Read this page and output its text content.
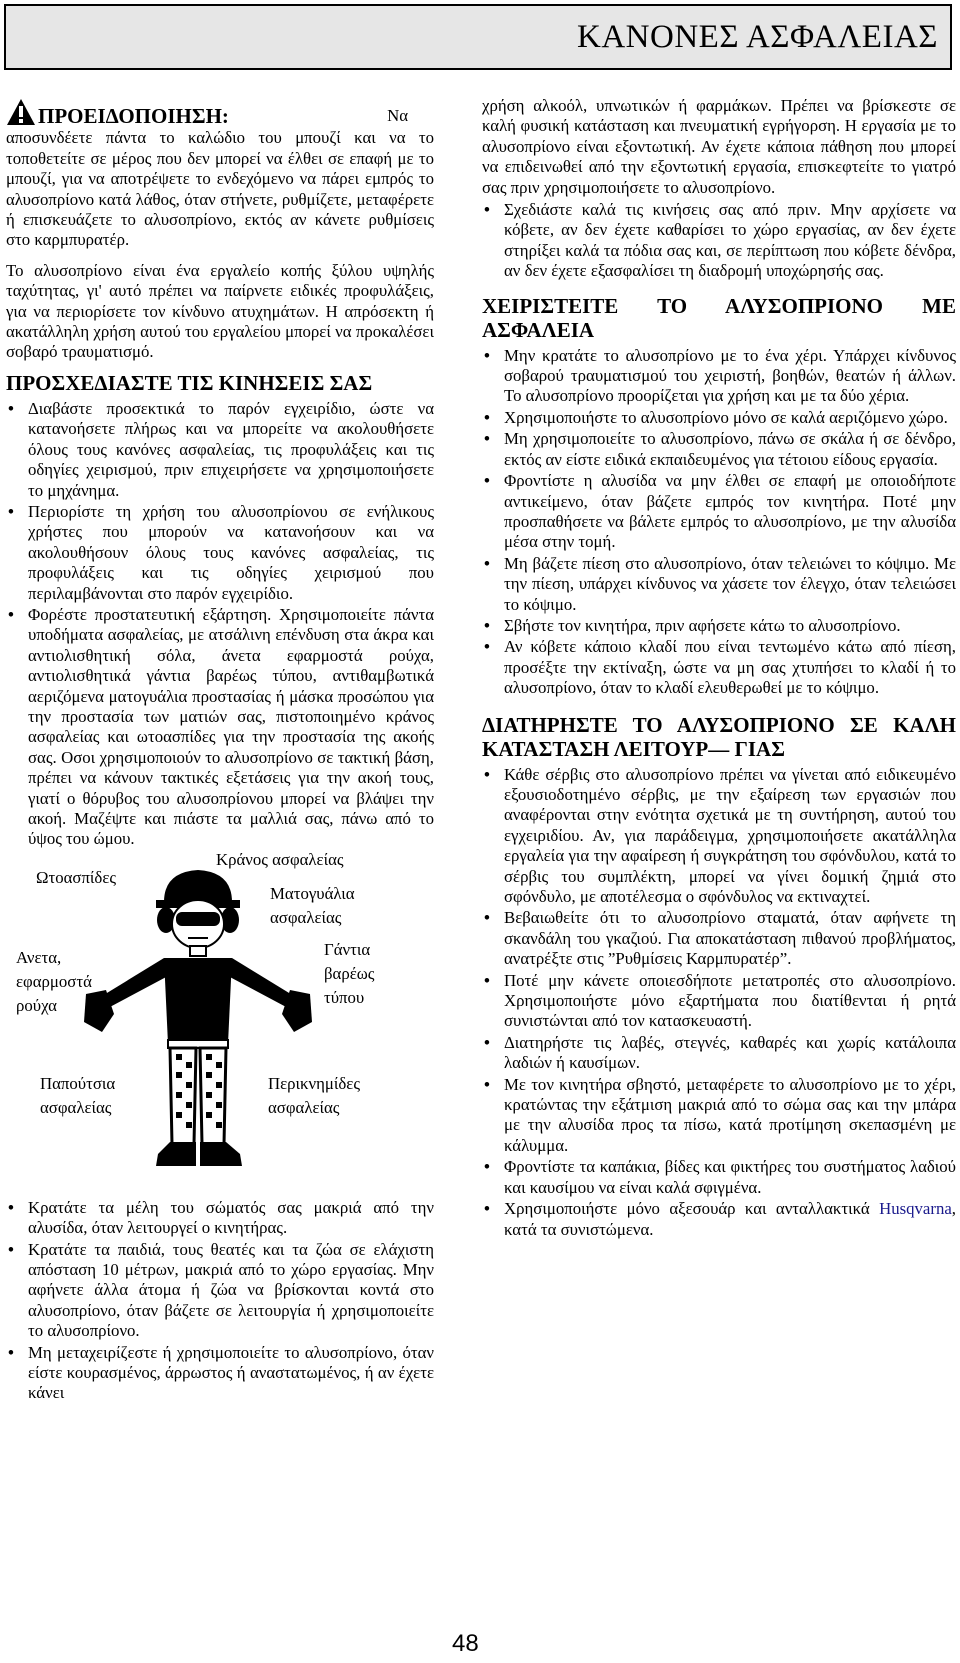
ΚΑΝΟΝΕΣ ΑΣΦΑΛΕΙΑΣ
ΠΡΟΕΙΔΟΠΟΙΗΣΗ:	Να

αποσυνδέετε πάντα το καλώδιο του μπουζί και να το τοποθετείτε σε μέρος που δεν μπορεί να έλθει σε επαφή με το μπουζί, για να αποτρέψετε το ενδεχόμενο να πάρει εμπρός το αλυσοπρίονο κατά λάθος, όταν στήνετε, ρυθμίζετε, μεταφέρετε ή επισκευάζετε το αλυσοπρίονο, εκτός αν κάνετε ρυθμίσεις στο καρμπυρατέρ.

Το αλυσοπρίονο είναι ένα εργαλείο κοπής ξύλου υψηλής ταχύτητας, γι' αυτό πρέπει να παίρνετε ειδικές προφυλάξεις, για να περιορίσετε τον κίνδυνο ατυχημάτων. Η απρόσεκτη ή ακατάλληλη χρήση αυτού του εργαλείου μπορεί να προκαλέσει σοβαρό τραυματισμό.

ΠΡΟΣΧΕΔΙΑΣΤΕ ΤΙΣ ΚΙΝΗΣΕΙΣ ΣΑΣ
• Διαβάστε προσεκτικά το παρόν εγχειρίδιο, ώστε να κατανοήσετε πλήρως και να μπορείτε να ακολουθήσετε όλους τους κανόνες ασφαλείας, τις προφυλάξεις και τις οδηγίες χειρισμού, πριν επιχειρήσετε να χρησιμοποιήσετε το μηχάνημα.
• Περιορίστε τη χρήση του αλυσοπρίονου σε ενήλικους χρήστες που μπορούν να κατανοήσουν και να ακολουθήσουν όλους τους κανόνες ασφαλείας, τις προφυλάξεις και τις οδηγίες χειρισμού που περιλαμβάνονται στο παρόν εγχειρίδιο.
• Φορέστε προστατευτική εξάρτηση. Χρησιμοποιείτε πάντα υποδήματα ασφαλείας, με ατσάλινη επένδυση στα άκρα και αντιολισθητική σόλα, άνετα εφαρμοστά ρούχα, αντιολισθητικά γάντια βαρέως τύπου, αντιθαμβωτικά αεριζόμενα ματογυάλια προστασίας ή μάσκα προσώπου για την προστασία των ματιών σας, πιστοποιημένο κράνος ασφαλείας και ωτοασπίδες για την προστασία της ακοής σας. Οσοι χρησιμοποιούν το αλυσοπρίονο σε τακτική βάση, πρέπει να κάνουν τακτικές εξετάσεις για την ακοή τους, γιατί ο θόρυβος του αλυσοπρίονου μπορεί να βλάψει την ακοή. Μαζέψτε και πιάστε τα μαλλιά σας, πάνω από το ύψος του ώμου.
Κράνος ασφαλείας
Ωτοασπίδες
Ματογυάλια ασφαλείας
Ανετα, εφαρμοστά ρούχα
Γάντια βαρέως τύπου
Παπούτσια ασφαλείας
Περικνημίδες ασφαλείας
• Κρατάτε τα μέλη του σώματός σας μακριά από την αλυσίδα, όταν λειτουργεί ο κινητήρας.
• Κρατάτε τα παιδιά, τους θεατές και τα ζώα σε ελάχιστη απόσταση 10 μέτρων, μακριά από το χώρο εργασίας. Μην αφήνετε άλλα άτομα ή ζώα να βρίσκονται κοντά στο αλυσοπρίονο, όταν βάζετε σε λειτουργία ή χρησιμοποιείτε το αλυσοπρίονο.
• Μη μεταχειρίζεστε ή χρησιμοποιείτε το αλυσοπρίονο, όταν είστε κουρασμένος, άρρωστος ή αναστατωμένος, ή αν έχετε κάνει

χρήση αλκοόλ, υπνωτικών ή φαρμάκων. Πρέπει να βρίσκεστε σε καλή φυσική κατάσταση και πνευματική εγρήγορση. Η εργασία με το αλυσοπρίονο είναι εξοντωτική. Αν έχετε κάποια πάθηση που μπορεί να επιδεινωθεί από την εξοντωτική εργασία, επισκεφτείτε το γιατρό σας πριν χρησιμοποιήσετε το αλυσοπρίονο.

• Σχεδιάστε καλά τις κινήσεις σας από πριν. Μην αρχίσετε να κόβετε, αν δεν έχετε καθαρίσει το χώρο εργασίας, αν δεν έχετε στηρίξει καλά τα πόδια σας και, σε περίπτωση που κόβετε δένδρα, αν δεν έχετε εξασφαλίσει τη διαδρομή υποχώρησής σας.
ΧΕΙΡΙΣΤΕΙΤΕ ΤΟ ΑΛΥΣΟΠΡΙΟΝΟ ΜΕ ΑΣΦΑΛΕΙΑ
• Μην κρατάτε το αλυσοπρίονο με το ένα χέρι. Υπάρχει κίνδυνος σοβαρού τραυματισμού του χειριστή, βοηθών, θεατών ή άλλων. Το αλυσοπρίονο προορίζεται για χρήση και με τα δύο χέρια.
• Χρησιμοποιήστε το αλυσοπρίονο μόνο σε καλά αεριζόμενο χώρο.
• Μη χρησιμοποιείτε το αλυσοπρίονο, πάνω σε σκάλα ή σε δένδρο, εκτός αν είστε ειδικά εκπαιδευμένος για τέτοιου είδους εργασία.
• Φροντίστε η αλυσίδα να μην έλθει σε επαφή με οποιοδήποτε αντικείμενο, όταν βάζετε εμπρός τον κινητήρα. Ποτέ μην προσπαθήσετε να βάλετε εμπρός το αλυσοπρίονο, με την αλυσίδα μέσα στην τομή.
• Μη βάζετε πίεση στο αλυσοπρίονο, όταν τελειώνει το κόψιμο. Με την πίεση, υπάρχει κίνδυνος να χάσετε τον έλεγχο, όταν τελειώσει το κόψιμο.
• Σβήστε τον κινητήρα, πριν αφήσετε κάτω το αλυσοπρίονο.
• Αν κόβετε κάποιο κλαδί που είναι τεντωμένο κάτω από πίεση, προσέξτε την εκτίναξη, ώστε να μη σας χτυπήσει το κλαδί ή το αλυσοπρίονο, όταν το κλαδί ελευθερωθεί με το κόψιμο.
ΔΙΑΤΗΡΗΣΤΕ ΤΟ ΑΛΥΣΟΠΡΙΟΝΟ ΣΕ ΚΑΛΗ ΚΑΤΑΣΤΑΣΗ ΛΕΙΤΟΥΡ— ΓΙΑΣ
• Κάθε σέρβις στο αλυσοπρίονο πρέπει να γίνεται από ειδικευμένο εξουσιοδοτημένο σέρβις, με την εξαίρεση των εργασιών που αναφέρονται στην ενότητα σχετικά με τη συντήρηση, αυτού του εγχειριδίου. Αν, για παράδειγμα, χρησιμοποιήσετε ακατάλληλα εργαλεία για την αφαίρεση ή συγκράτηση του σφόνδυλου, κατά το σέρβις του συμπλέκτη, μπορεί να γίνει δομική ζημιά στο σφόνδυλο, με αποτέλεσμα ο σφόνδυλος να εκτιναχτεί.
• Βεβαιωθείτε ότι το αλυσοπρίονο σταματά, όταν αφήνετε τη σκανδάλη του γκαζιού. Για αποκατάσταση πιθανού προβλήματος, ανατρέξτε στις ”Ρυθμίσεις Καρμπυρατέρ”.
• Ποτέ μην κάνετε οποιεσδήποτε μετατροπές στο αλυσοπρίονο. Χρησιμοποιήστε μόνο εξαρτήματα που διατίθενται ή ρητά συνιστώνται από τον κατασκευαστή.
• Διατηρήστε τις λαβές, στεγνές, καθαρές και χωρίς κατάλοιπα λαδιών ή καυσίμων.
• Με τον κινητήρα σβηστό, μεταφέρετε το αλυσοπρίονο με το χέρι, κρατώντας την εξάτμιση μακριά από το σώμα σας και την μπάρα με την αλυσίδα προς τα πίσω, κατά προτίμηση σκεπασμένη με κάλυμμα.
• Φροντίστε τα καπάκια, βίδες και φικτήρες του συστήματος λαδιού και καυσίμου να είναι καλά σφιγμένα.
• Χρησιμοποιήστε μόνο αξεσουάρ και ανταλλακτικά Husqvarna, κατά τα συνιστώμενα.
48
